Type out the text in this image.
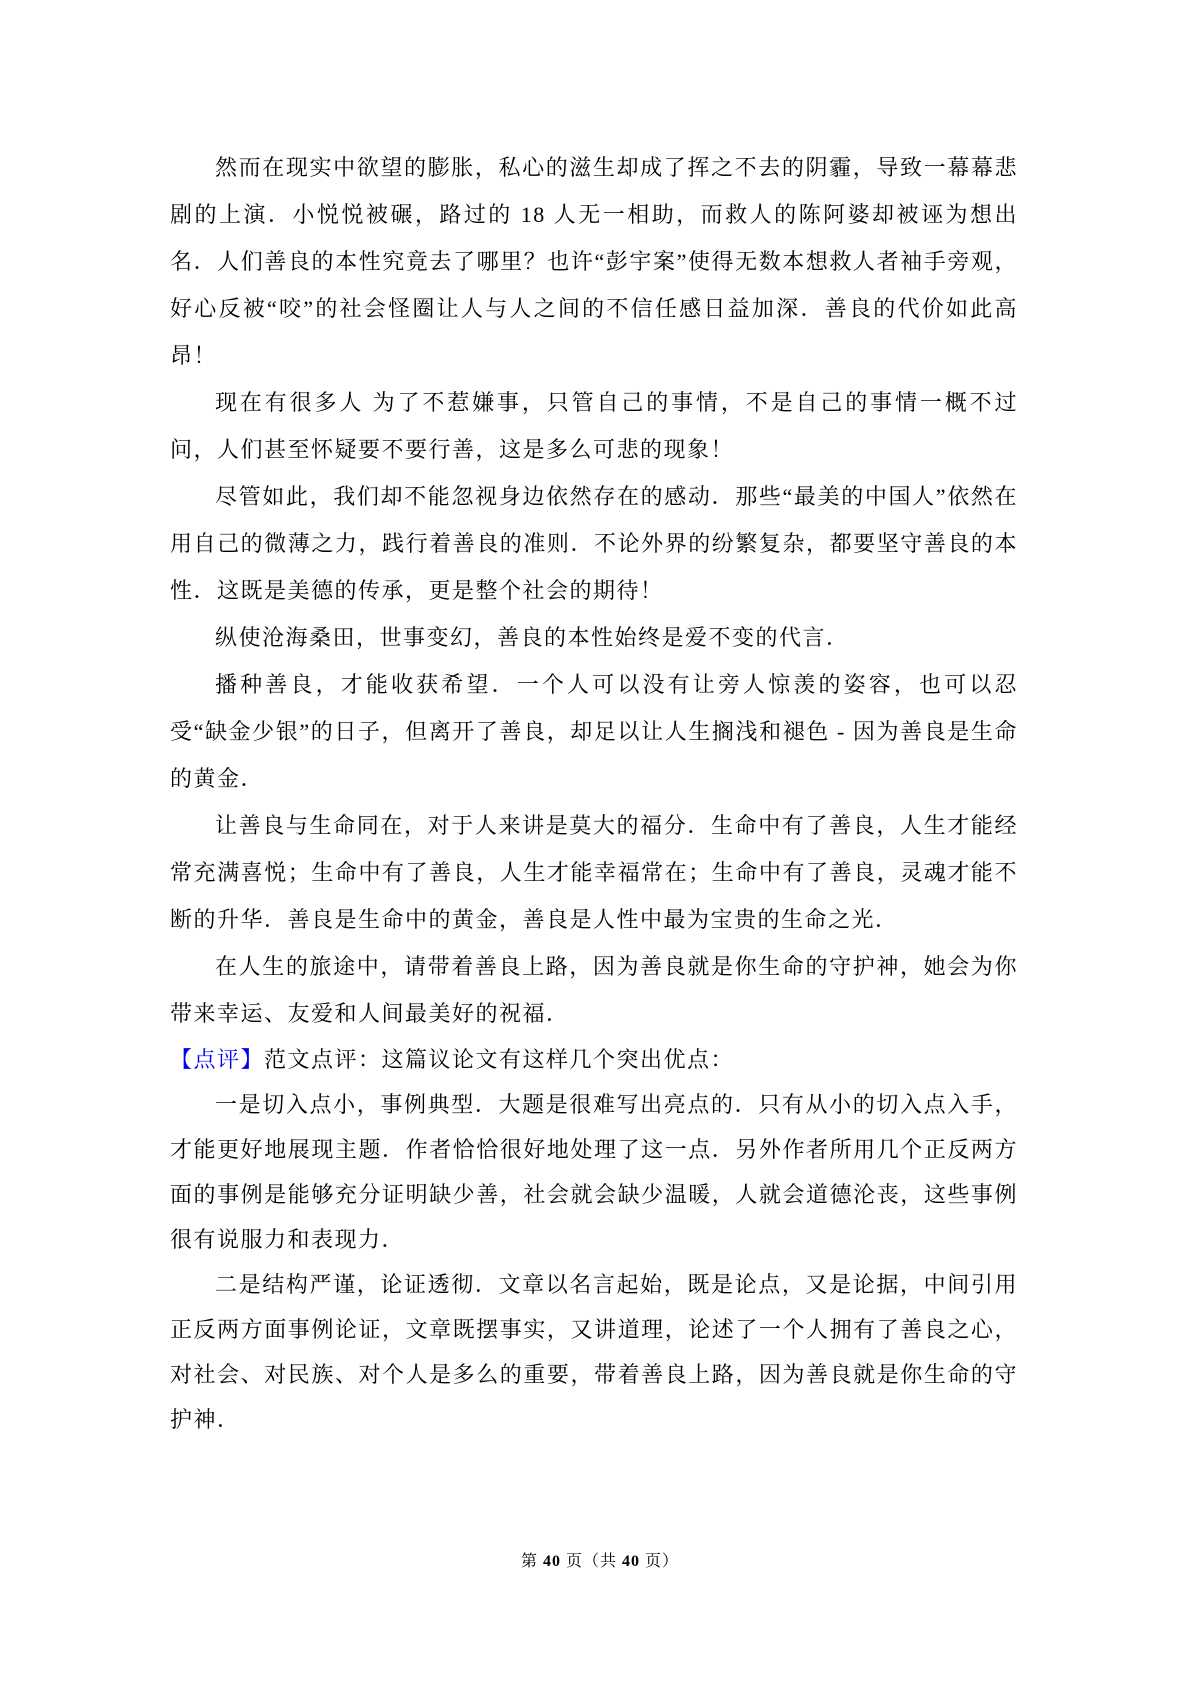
然而在现实中欲望的膨胀，私心的滋生却成了挥之不去的阴霾，导致一幕幕悲剧的上演．小悦悦被碾，路过的 18 人无一相助，而救人的陈阿婆却被诬为想出名．人们善良的本性究竟去了哪里？也许“彭宇案”使得无数本想救人者袖手旁观，好心反被“咬”的社会怪圈让人与人之间的不信任感日益加深．善良的代价如此高昂！

现在有很多人 为了不惹嫌事，只管自己的事情，不是自己的事情一概不过问，人们甚至怀疑要不要行善，这是多么可悲的现象！

尽管如此，我们却不能忽视身边依然存在的感动．那些“最美的中国人”依然在用自己的微薄之力，践行着善良的准则．不论外界的纷繁复杂，都要坚守善良的本性．这既是美德的传承，更是整个社会的期待！

纵使沧海桑田，世事变幻，善良的本性始终是爱不变的代言．

播种善良，才能收获希望．一个人可以没有让旁人惊羡的姿容，也可以忍受“缺金少银”的日子，但离开了善良，却足以让人生搁浅和褪色 - 因为善良是生命的黄金．

让善良与生命同在，对于人来讲是莫大的福分．生命中有了善良，人生才能经常充满喜悦；生命中有了善良，人生才能幸福常在；生命中有了善良，灵魂才能不断的升华．善良是生命中的黄金，善良是人性中最为宝贵的生命之光．

在人生的旅途中，请带着善良上路，因为善良就是你生命的守护神，她会为你带来幸运、友爱和人间最美好的祝福．

【点评】范文点评：这篇议论文有这样几个突出优点：

一是切入点小，事例典型．大题是很难写出亮点的．只有从小的切入点入手，才能更好地展现主题．作者恰恰很好地处理了这一点．另外作者所用几个正反两方面的事例是能够充分证明缺少善，社会就会缺少温暖，人就会道德沦丧，这些事例很有说服力和表现力．

二是结构严谨，论证透彻．文章以名言起始，既是论点，又是论据，中间引用正反两方面事例论证，文章既摆事实，又讲道理，论述了一个人拥有了善良之心，对社会、对民族、对个人是多么的重要，带着善良上路，因为善良就是你生命的守护神．

第 40 页（共 40 页）
